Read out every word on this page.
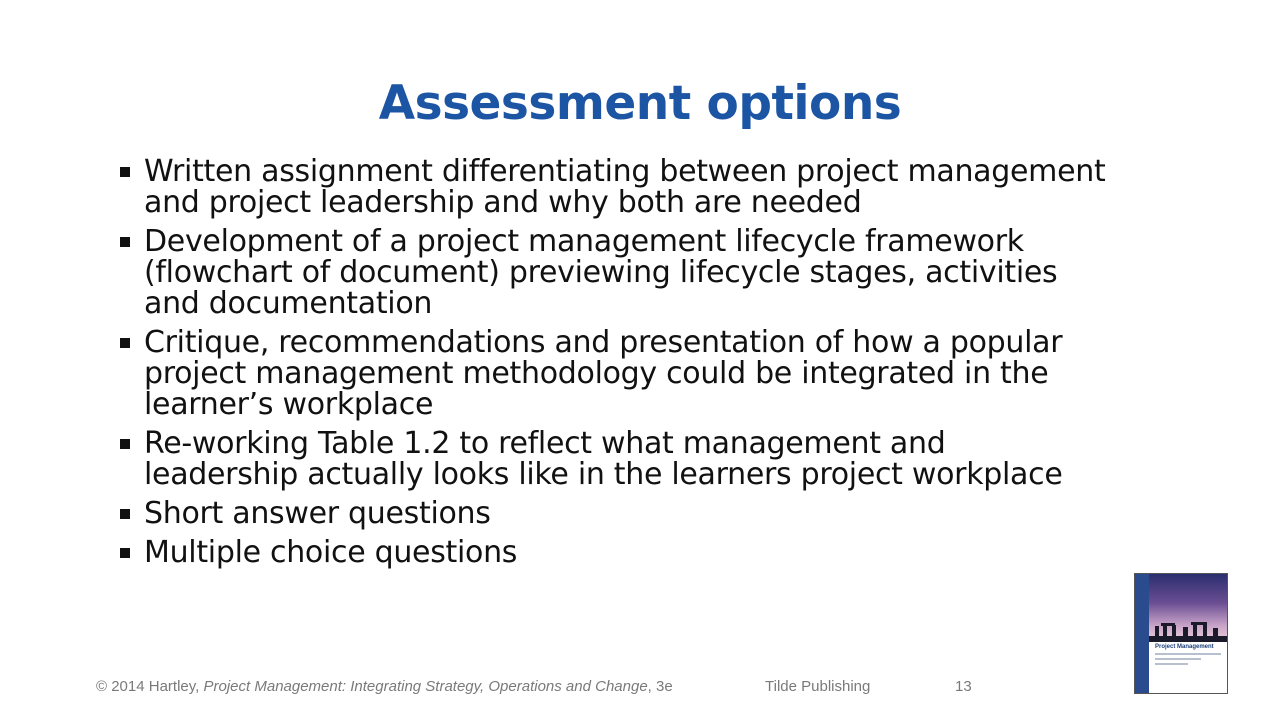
Assessment options
Written assignment differentiating between project management and project leadership and why both are needed
Development of a project management lifecycle framework (flowchart of document) previewing lifecycle stages, activities and documentation
Critique, recommendations and presentation of how a popular project management methodology could be integrated in the learner’s workplace
Re-working Table 1.2 to reflect what management and leadership actually looks like in the learners project workplace
Short answer questions
Multiple choice questions
© 2014 Hartley, Project Management: Integrating Strategy, Operations and Change, 3e	Tilde Publishing	13
Project Management
